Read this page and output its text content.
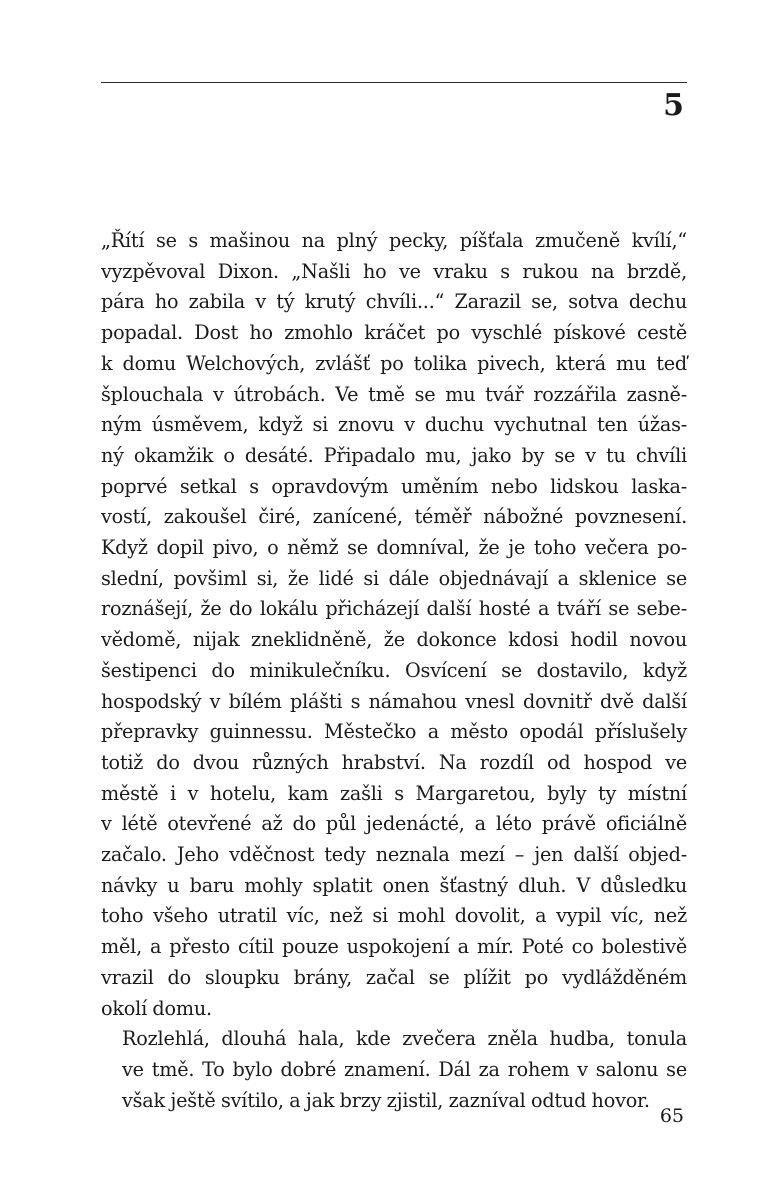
5

„Řítí se s mašinou na plný pecky, píšťala zmučeně kvílí,“
vyzpěvoval Dixon. „Našli ho ve vraku s rukou na brzdě,
pára ho zabila v tý krutý chvíli...“ Zarazil se, sotva dechu
popadal. Dost ho zmohlo kráčet po vyschlé pískové cestě
k domu Welchových, zvlášť po tolika pivech, která mu teď
šplouchala v útrobách. Ve tmě se mu tvář rozzářila zasně-
ným úsměvem, když si znovu v duchu vychutnal ten úžas-
ný okamžik o desáté. Připadalo mu, jako by se v tu chvíli
poprvé setkal s opravdovým uměním nebo lidskou laska-
vostí, zakoušel čiré, zanícené, téměř nábožné povznesení.
Když dopil pivo, o němž se domníval, že je toho večera po-
slední, povšiml si, že lidé si dále objednávají a sklenice se
roznášejí, že do lokálu přicházejí další hosté a tváří se sebe-
vědomě, nijak zneklidněně, že dokonce kdosi hodil novou
šestipenci do minikulečníku. Osvícení se dostavilo, když
hospodský v bílém plášti s námahou vnesl dovnitř dvě další
přepravky guinnessu. Městečko a město opodál příslušely
totiž do dvou různých hrabství. Na rozdíl od hospod ve
městě i v hotelu, kam zašli s Margaretou, byly ty místní
v létě otevřené až do půl jedenácté, a léto právě oficiálně
začalo. Jeho vděčnost tedy neznala mezí – jen další objed-
návky u baru mohly splatit onen šťastný dluh. V důsledku
toho všeho utratil víc, než si mohl dovolit, a vypil víc, než
měl, a přesto cítil pouze uspokojení a mír. Poté co bolestivě
vrazil do sloupku brány, začal se plížit po vydlážděném
okolí domu.

Rozlehlá, dlouhá hala, kde zvečera zněla hudba, tonula
ve tmě. To bylo dobré znamení. Dál za rohem v salonu se
však ještě svítilo, a jak brzy zjistil, zazníval odtud hovor.

65
